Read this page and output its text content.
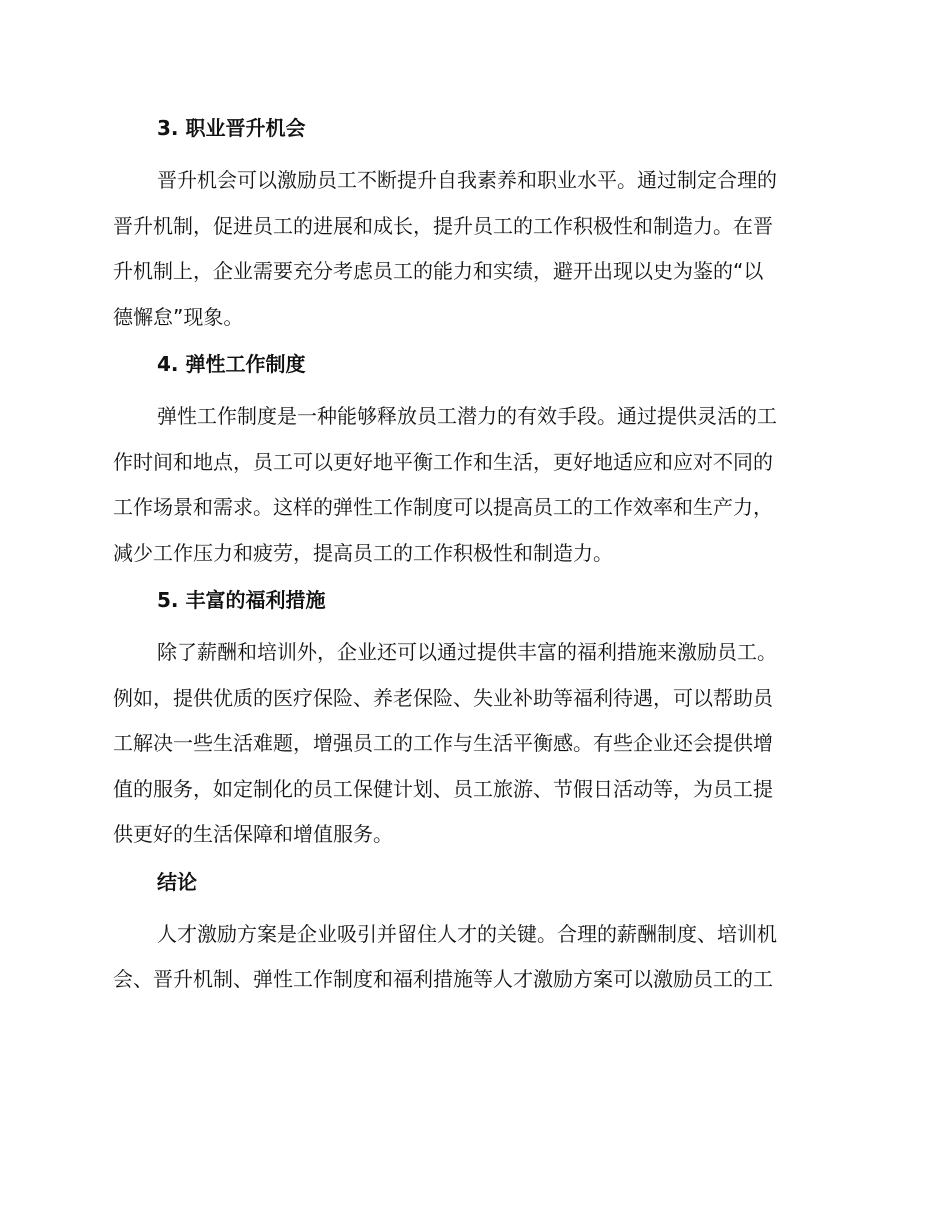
3. 职业晋升机会
晋升机会可以激励员工不断提升自我素养和职业水平。通过制定合理的
晋升机制，促进员工的进展和成长，提升员工的工作积极性和制造力。在晋
升机制上，企业需要充分考虑员工的能力和实绩，避开出现以史为鉴的“以
德懈怠”现象。
4. 弹性工作制度
弹性工作制度是一种能够释放员工潜力的有效手段。通过提供灵活的工
作时间和地点，员工可以更好地平衡工作和生活，更好地适应和应对不同的
工作场景和需求。这样的弹性工作制度可以提高员工的工作效率和生产力，
减少工作压力和疲劳，提高员工的工作积极性和制造力。
5. 丰富的福利措施
除了薪酬和培训外，企业还可以通过提供丰富的福利措施来激励员工。
例如，提供优质的医疗保险、养老保险、失业补助等福利待遇，可以帮助员
工解决一些生活难题，增强员工的工作与生活平衡感。有些企业还会提供增
值的服务，如定制化的员工保健计划、员工旅游、节假日活动等，为员工提
供更好的生活保障和增值服务。
结论
人才激励方案是企业吸引并留住人才的关键。合理的薪酬制度、培训机
会、晋升机制、弹性工作制度和福利措施等人才激励方案可以激励员工的工
